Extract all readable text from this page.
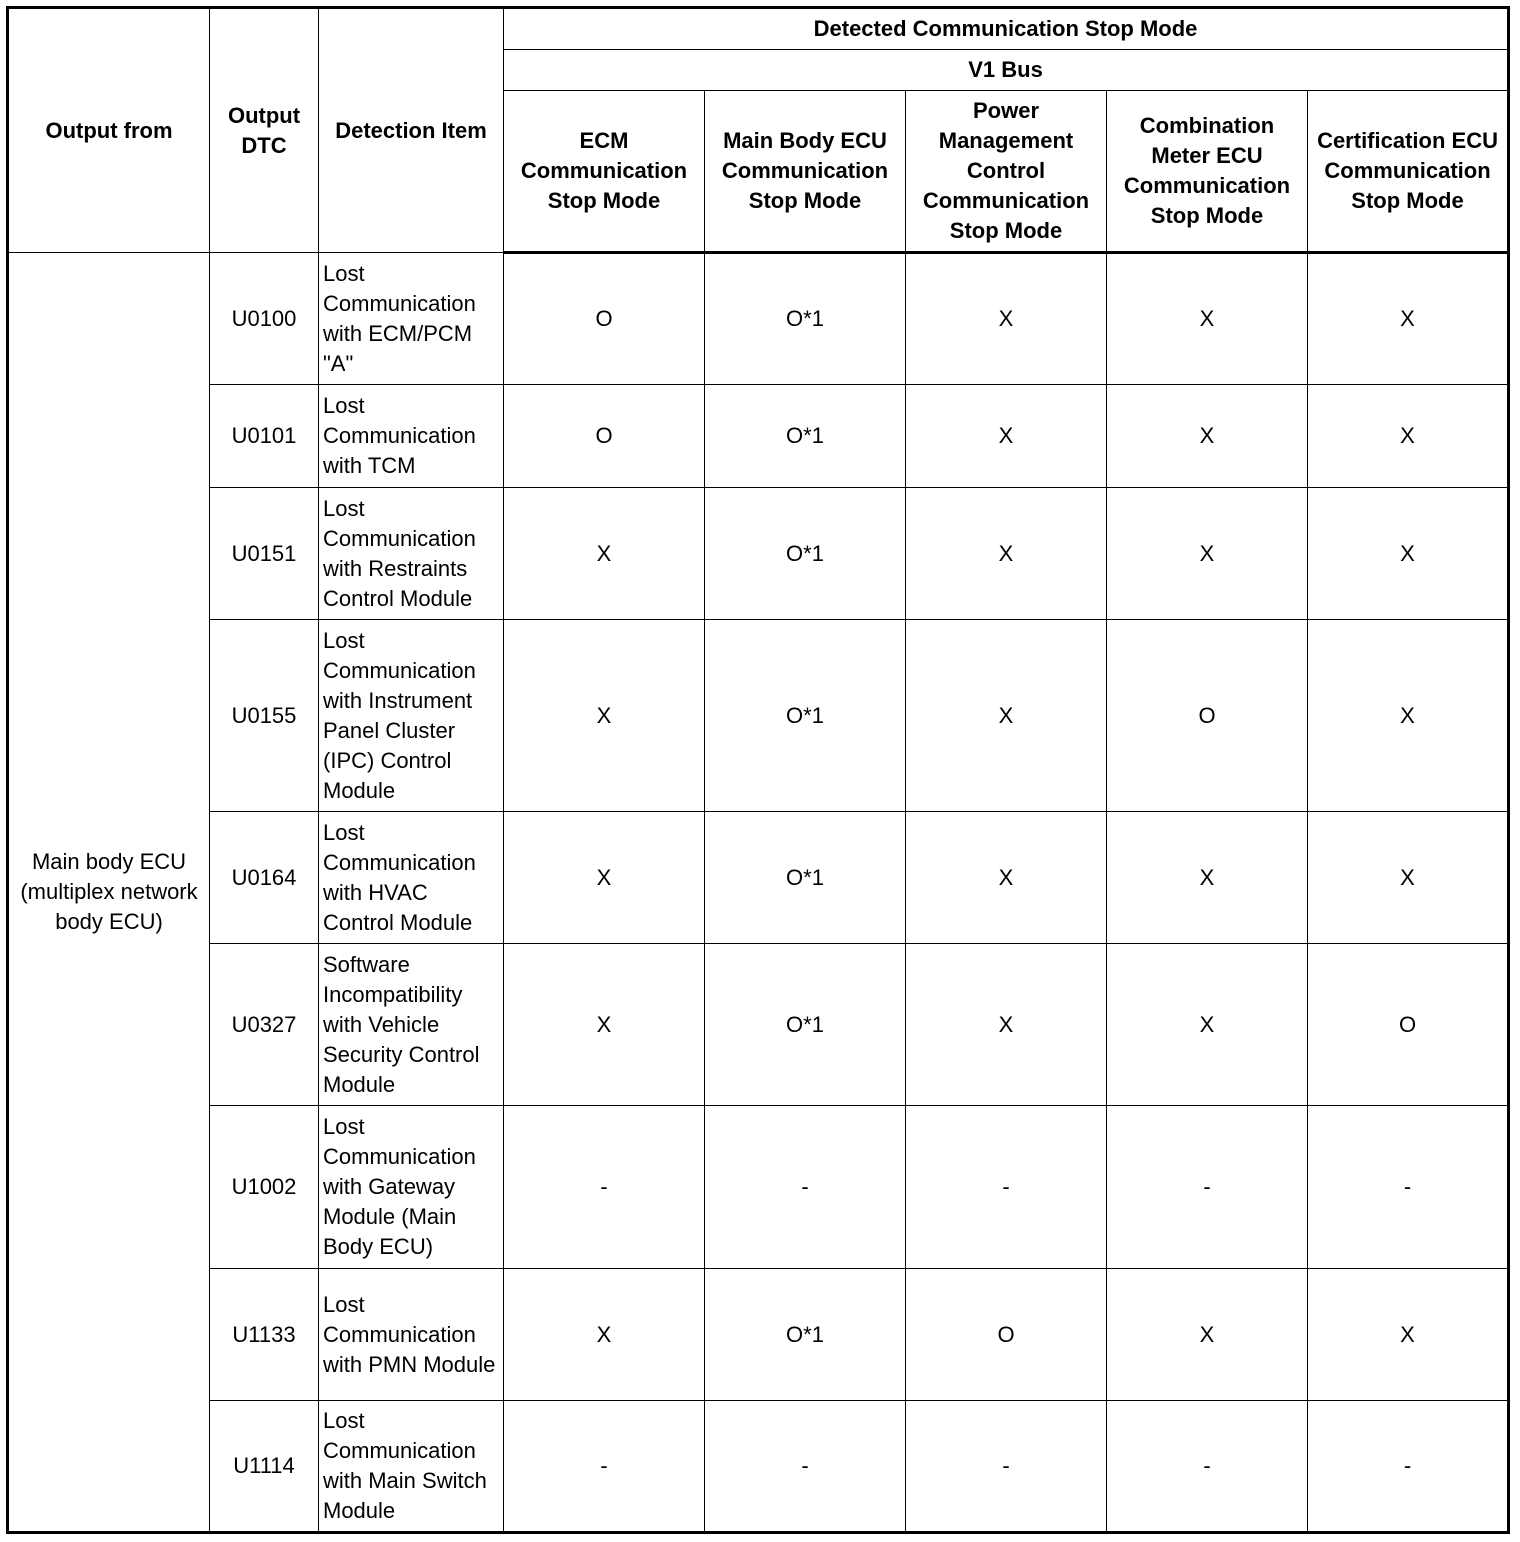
Output from	Output DTC	Detection Item	Detected Communication Stop Mode				
			V1 Bus				
			ECM Communication Stop Mode	Main Body ECU Communication Stop Mode	Power Management Control Communication Stop Mode	Combination Meter ECU Communication Stop Mode	Certification ECU Communication Stop Mode
Main body ECU (multiplex network body ECU)	U0100	Lost Communication with ECM/PCM "A"	O	O*1	X	X	X
	U0101	Lost Communication with TCM	O	O*1	X	X	X
	U0151	Lost Communication with Restraints Control Module	X	O*1	X	X	X
	U0155	Lost Communication with Instrument Panel Cluster (IPC) Control Module	X	O*1	X	O	X
	U0164	Lost Communication with HVAC Control Module	X	O*1	X	X	X
	U0327	Software Incompatibility with Vehicle Security Control Module	X	O*1	X	X	O
	U1002	Lost Communication with Gateway Module (Main Body ECU)	-	-	-	-	-
	U1133	Lost Communication with PMN Module	X	O*1	O	X	X
	U1114	Lost Communication with Main Switch Module	-	-	-	-	-
